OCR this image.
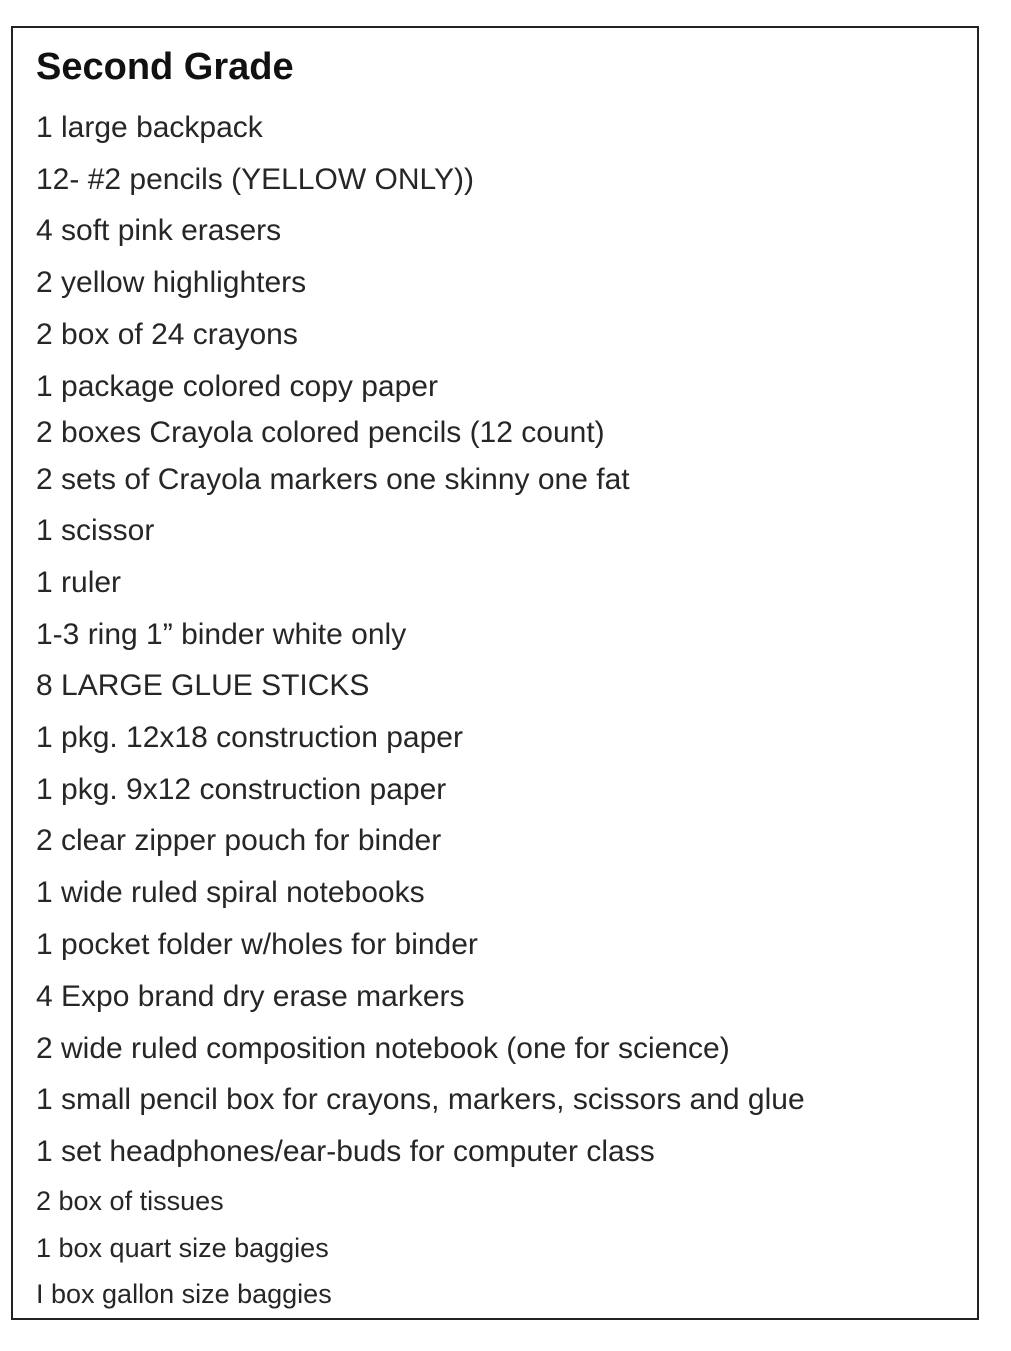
Second Grade
1 large backpack
12- #2 pencils (YELLOW ONLY))
4 soft pink erasers
2 yellow highlighters
2 box of 24 crayons
1 package colored copy paper
2 boxes Crayola colored pencils (12 count)
2 sets of Crayola markers one skinny one fat
1 scissor
1 ruler
1-3 ring 1” binder white only
8 LARGE GLUE STICKS
1 pkg. 12x18 construction paper
1 pkg. 9x12 construction paper
2 clear zipper pouch for binder
1 wide ruled spiral notebooks
1 pocket folder w/holes for binder
4 Expo brand dry erase markers
2 wide ruled composition notebook (one for science)
1 small pencil box for crayons, markers, scissors and glue
1 set headphones/ear-buds for computer class
2 box of tissues
1 box quart size baggies
I box gallon size baggies
